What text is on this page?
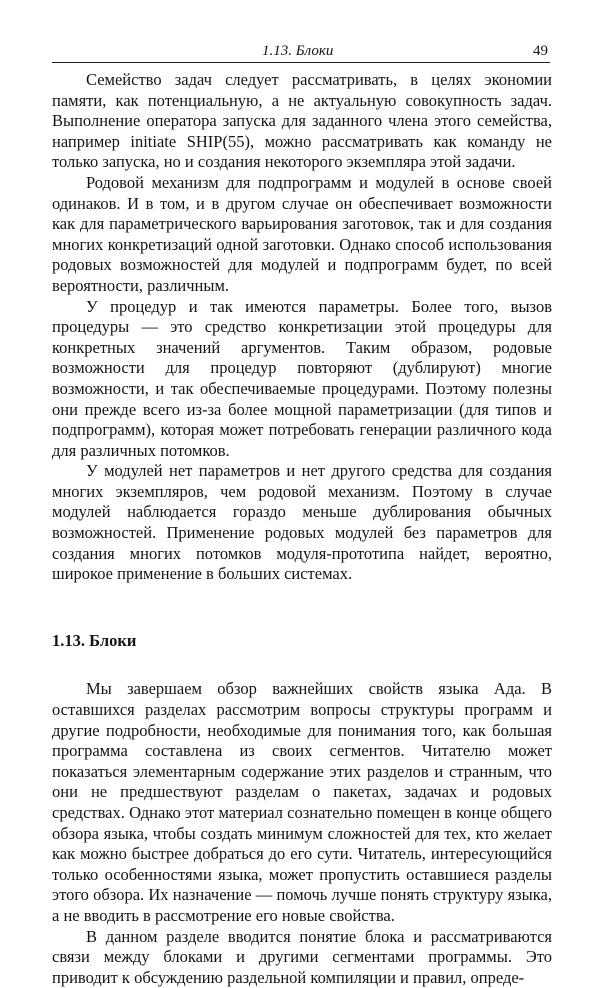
1.13. Блоки	49

Семейство задач следует рассматривать, в целях экономии памяти, как потенциальную, а не актуальную совокупность задач. Выполнение оператора запуска для заданного члена этого семейства, например initiate SHIP(55), можно рассматривать как команду не только запуска, но и создания некоторого экземпляра этой задачи.

Родовой механизм для подпрограмм и модулей в основе своей одинаков. И в том, и в другом случае он обеспечивает возможности как для параметрического варьирования заготовок, так и для создания многих конкретизаций одной заготовки. Однако способ использования родовых возможностей для модулей и подпрограмм будет, по всей вероятности, различным.

У процедур и так имеются параметры. Более того, вызов процедуры — это средство конкретизации этой процедуры для конкретных значений аргументов. Таким образом, родовые возможности для процедур повторяют (дублируют) многие возможности, и так обеспечиваемые процедурами. Поэтому полезны они прежде всего из-за более мощной параметризации (для типов и подпрограмм), которая может потребовать генерации различного кода для различных потомков.

У модулей нет параметров и нет другого средства для создания многих экземпляров, чем родовой механизм. Поэтому в случае модулей наблюдается гораздо меньше дублирования обычных возможностей. Применение родовых модулей без параметров для создания многих потомков модуля-прототипа найдет, вероятно, широкое применение в больших системах.

1.13. Блоки

Мы завершаем обзор важнейших свойств языка Ада. В оставшихся разделах рассмотрим вопросы структуры программ и другие подробности, необходимые для понимания того, как большая программа составлена из своих сегментов. Читателю может показаться элементарным содержание этих разделов и странным, что они не предшествуют разделам о пакетах, задачах и родовых средствах. Однако этот материал сознательно помещен в конце общего обзора языка, чтобы создать минимум сложностей для тех, кто желает как можно быстрее добраться до его сути. Читатель, интересующийся только особенностями языка, может пропустить оставшиеся разделы этого обзора. Их назначение — помочь лучше понять структуру языка, а не вводить в рассмотрение его новые свойства.

В данном разделе вводится понятие блока и рассматриваются связи между блоками и другими сегментами программы. Это приводит к обсуждению раздельной компиляции и правил, опреде-
